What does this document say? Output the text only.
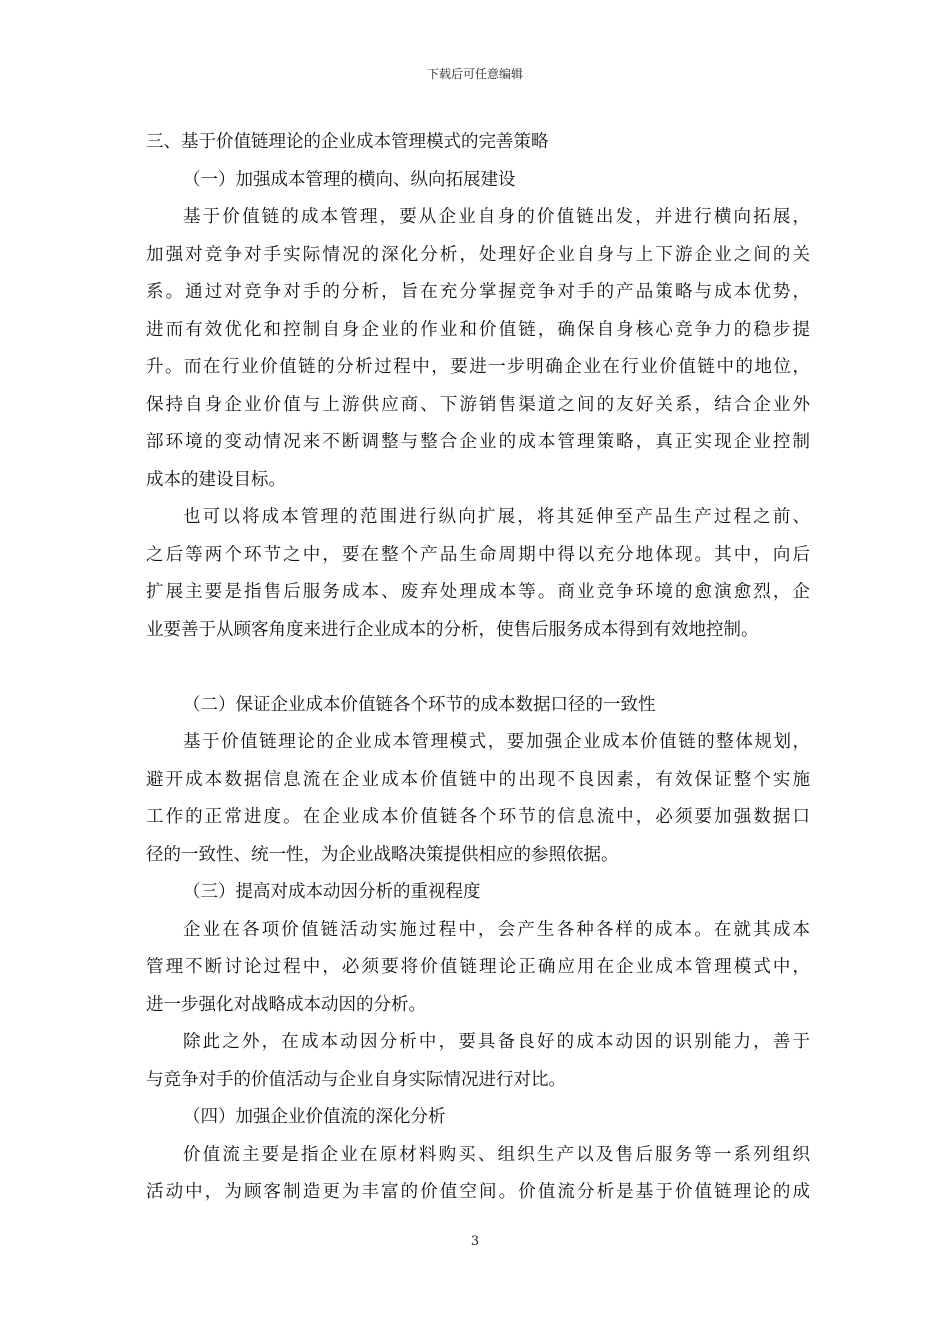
下载后可任意编辑
三、基于价值链理论的企业成本管理模式的完善策略
（一）加强成本管理的横向、纵向拓展建设
基于价值链的成本管理，要从企业自身的价值链出发，并进行横向拓展，
加强对竞争对手实际情况的深化分析，处理好企业自身与上下游企业之间的关
系。通过对竞争对手的分析，旨在充分掌握竞争对手的产品策略与成本优势，
进而有效优化和控制自身企业的作业和价值链，确保自身核心竞争力的稳步提
升。而在行业价值链的分析过程中，要进一步明确企业在行业价值链中的地位，
保持自身企业价值与上游供应商、下游销售渠道之间的友好关系，结合企业外
部环境的变动情况来不断调整与整合企业的成本管理策略，真正实现企业控制
成本的建设目标。
也可以将成本管理的范围进行纵向扩展，将其延伸至产品生产过程之前、
之后等两个环节之中，要在整个产品生命周期中得以充分地体现。其中，向后
扩展主要是指售后服务成本、废弃处理成本等。商业竞争环境的愈演愈烈，企
业要善于从顾客角度来进行企业成本的分析，使售后服务成本得到有效地控制。
（二）保证企业成本价值链各个环节的成本数据口径的一致性
基于价值链理论的企业成本管理模式，要加强企业成本价值链的整体规划，
避开成本数据信息流在企业成本价值链中的出现不良因素，有效保证整个实施
工作的正常进度。在企业成本价值链各个环节的信息流中，必须要加强数据口
径的一致性、统一性，为企业战略决策提供相应的参照依据。
（三）提高对成本动因分析的重视程度
企业在各项价值链活动实施过程中，会产生各种各样的成本。在就其成本
管理不断讨论过程中，必须要将价值链理论正确应用在企业成本管理模式中，
进一步强化对战略成本动因的分析。
除此之外，在成本动因分析中，要具备良好的成本动因的识别能力，善于
与竞争对手的价值活动与企业自身实际情况进行对比。
（四）加强企业价值流的深化分析
价值流主要是指企业在原材料购买、组织生产以及售后服务等一系列组织
活动中，为顾客制造更为丰富的价值空间。价值流分析是基于价值链理论的成
3
